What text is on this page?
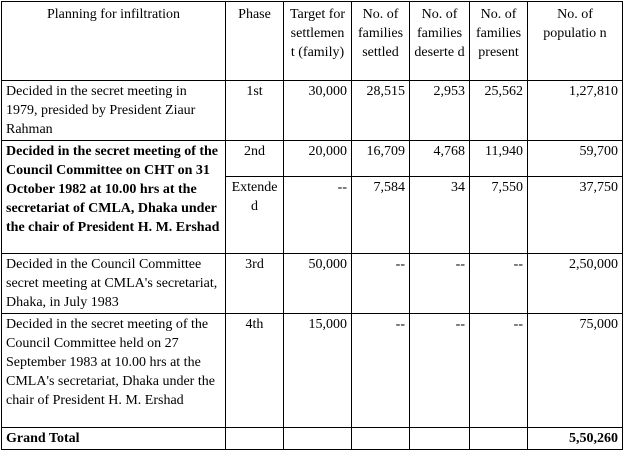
Planning for infiltration	Phase	Target for settlemen t (family)	No. of families settled	No. of families deserte d	No. of families present	No. of populatio n
Decided in the secret meeting in 1979, presided by President Ziaur Rahman	1st	30,000	28,515	2,953	25,562	1,27,810
Decided in the secret meeting of the Council Committee on CHT on 31 October 1982 at 10.00 hrs at the secretariat of CMLA, Dhaka under the chair of President H. M. Ershad	2nd	20,000	16,709	4,768	11,940	59,700
	Extended	--	7,584	34	7,550	37,750
Decided in the Council Committee secret meeting at CMLA's secretariat, Dhaka, in July 1983	3rd	50,000	--	--	--	2,50,000
Decided in the secret meeting of the Council Committee held on 27 September 1983 at 10.00 hrs at the CMLA's secretariat, Dhaka under the chair of President H. M. Ershad	4th	15,000	--	--	--	75,000
Grand Total						5,50,260
